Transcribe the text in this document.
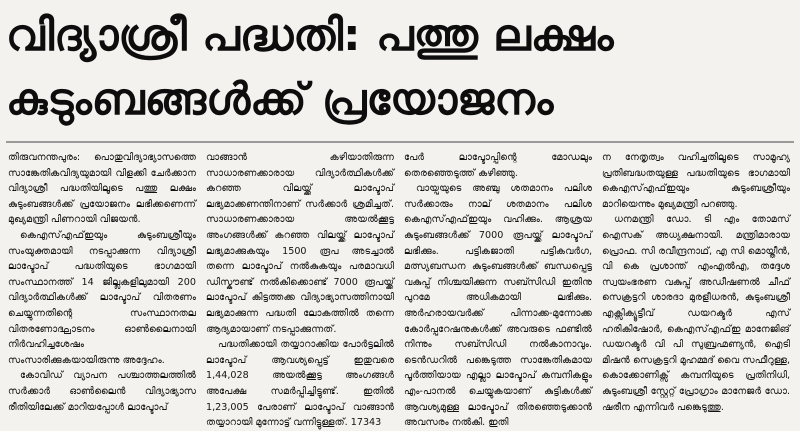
വിദ്യാശ്രീ പദ്ധതി: പത്തു ലക്ഷം
കുടുംബങ്ങൾക്ക് പ്രയോജനം

തിരുവനന്തപുരം: പൊതുവിദ്യാഭ്യാസത്തെ സാങ്കേതികവിദ്യയുമായി വിളക്കി ചേർക്കാന വിദ്യാശ്രീ പദ്ധതിയിലൂടെ പത്തു ലക്ഷം കുടുംബങ്ങൾക്ക് പ്രയോജനം ലഭിക്കണെന്ന് മുഖ്യമന്ത്രി പിണറായി വിജയൻ.

കെഎസ്എഫ്ഇയും കുടുംബശ്രീയും സംയുക്തമായി നടപ്പാക്കുന്ന വിദ്യാശ്രീ ലാപ്ടോപ് പദ്ധതിയുടെ ഭാഗമായി സംസ്ഥാനത്ത് 14 ജില്ലകളിലുമായി 200 വിദ്യാർത്ഥികൾക്ക് ലാപ്ടോപ് വിതരണം ചെയ്യുന്നതിന്റെ സംസ്ഥാനതല വിതരണോദ്ഘാടനം ഓൺലൈനായി നിർവഹിച്ചശേഷം സംസാരിക്കുകയായിരുന്നു അദ്ദേഹം.

കോവിഡ് വ്യാപന പശ്ചാത്തലത്തിൽ സർക്കാർ ഓൺലൈൻ വിദ്യാഭ്യാസ രീതിയിലേക്ക് മാറിയപ്പോൾ ലാപ്ടോപ്

വാങ്ങാൻ കഴിയാതിരുന്ന സാധാരണക്കാരായ വിദ്യാർത്ഥികൾക്ക് കറഞ്ഞ വിലയ്ക്ക് ലാപ്ടോപ് ലഭ്യമാക്കണന്തിനാണ് സർക്കാർ ശ്രമിച്ചത്. സാധാരണക്കാരായ അയൽക്കൂട്ട അംഗങ്ങൾക്ക് കറഞ്ഞ വിലയ്ക്ക് ലാപ്ടോപ് ലഭ്യമാക്കുകയും 1500 രൂപ അടച്ചാൽ തന്നെ ലാപ്ടോപ് നൽകുകയും പരമാവധി ഡിസ്കൗണ്ട് നൽകിക്കൊണ്ട് 7000 രൂപയ്ക്ക് ലാപ്ടോപ് കിട്ടത്തക്ക വിദ്യാഭ്യാസത്തിനായി ലഭ്യമാക്കുന്ന പദ്ധതി ലോകത്തിൽ തന്നെ ആദ്യമായാണ് നടപ്പാക്കുന്നത്.

പദ്ധതിക്കായി തയ്യാറാക്കിയ പോർട്ടലിൽ ലാപ്ടോപ് ആവശ്യപ്പെട്ട് ഇതുവരെ 1,44,028 അയൽക്കൂട്ട അംഗങ്ങൾ അപേക്ഷ സമർപ്പിച്ചിട്ടുണ്ട്. ഇതിൽ 1,23,005 പേരാണ് ലാപ്ടോപ് വാങ്ങാൻ തയ്യാറായി മുന്നോട്ട് വന്നിട്ടുള്ളത്. 17343

പേർ ലാപ്ടോപ്പിന്റെ മോഡലും തെരഞ്ഞെടുത്ത് കഴിഞ്ഞു.

വായ്പയുടെ അഞ്ചു ശതമാനം പലിശ സർക്കാരും നാല് ശതമാനം പലിശ കെഎസ്എഫ്ഇയും വഹിക്കും. ആശ്രയ കുടുംബങ്ങൾക്ക് 7000 രൂപയ്ക്ക് ലാപ്ടോപ് ലഭിക്കും. പട്ടികജാതി പട്ടികവർഗ, മത്സ്യബന്ധന കുടുംബങ്ങൾക്ക് ബന്ധപ്പെട്ട വകുപ്പ് നിശ്ചയിക്കുന്ന സബ്സിഡി ഇതിനു പുറമേ അധികമായി ലഭിക്കും. അർഹരായവർക്ക് പിന്നാക്ക-മുന്നോക്ക കോർപ്പറേഷനുകൾക്ക് അവരുടെ ഫണ്ടിൽ നിന്നും സബ്സിഡി നൽകാനാവും. ടെൻഡറിൽ പങ്കെടുത്ത സാങ്കേതികമായ പൂർത്തിയായ എല്ലാ ലാപ്ടോപ് കമ്പനികളും എം-പാനൽ ചെയ്യുകയാണ് കുട്ടികൾക്ക് ആവശ്യമുള്ള ലാപ്ടോപ് തിരഞ്ഞെടുക്കാൻ അവസരം നൽകി. ഇതി

ന നേതൃത്വം വഹിച്ചതിലൂടെ സാമൂഹ്യ പ്രതിബദ്ധതയുള്ള പദ്ധതിയുടെ ഭാഗമായി കെഎസ്എഫ്ഇയും കുടുംബശ്രീയും മാറിയെന്നും മുഖ്യമന്ത്രി പറഞ്ഞു.

ധനമന്ത്രി ഡോ. ടി എം തോമസ് ഐസക് അധ്യക്ഷനായി. മന്ത്രിമാരായ പ്രൊഫ. സി രവീന്ദ്രനാഥ്, എ സി മൊയ്തീൻ, വി കെ പ്രശാന്ത് എംഎൽഎ, തദ്ദേശ സ്വയംഭരണ വകുപ്പ് അഡീഷണൽ ചീഫ് സെക്രട്ടറി ശാരദാ മുരളീധരൻ, കുടുംബശ്രീ എക്സിക്യൂട്ടീവ് ഡയറക്ടർ എസ് ഹരികിഷോർ, കെഎസ്എഫ്ഇ മാനേജിങ് ഡയറക്ടർ വി പി സുബ്രഹ്മണ്യൻ, ഐടി മിഷൻ സെക്രട്ടറി മുഹമ്മദ് വൈ സഫീറുള്ള, കൊക്കോണിക്സ് കമ്പനിയുടെ പ്രതിനിധി, കുടുംബശ്രീ സ്റ്റേറ്റ് പ്രോഗ്രാം മാനേജർ ഡോ. ഷരീന എന്നിവർ പങ്കെടുത്തു.
